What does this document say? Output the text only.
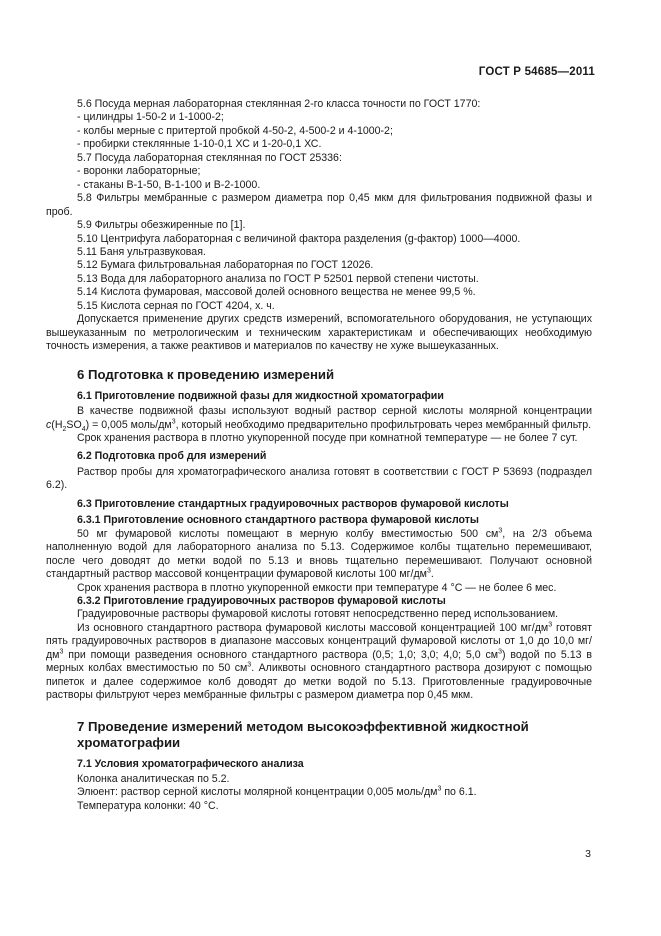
ГОСТ Р 54685—2011

5.6 Посуда мерная лабораторная стеклянная 2-го класса точности по ГОСТ 1770:

- цилиндры 1-50-2 и 1-1000-2;

- колбы мерные с притертой пробкой 4-50-2, 4-500-2 и 4-1000-2;

- пробирки стеклянные 1-10-0,1 ХС и 1-20-0,1 ХС.

5.7 Посуда лабораторная стеклянная по ГОСТ 25336:

- воронки лабораторные;

- стаканы В-1-50, В-1-100 и В-2-1000.

5.8 Фильтры мембранные с размером диаметра пор 0,45 мкм для фильтрования подвижной фазы и проб.

5.9 Фильтры обезжиренные по [1].

5.10 Центрифуга лабораторная с величиной фактора разделения (g-фактор) 1000—4000.

5.11 Баня ультразвуковая.

5.12 Бумага фильтровальная лабораторная по ГОСТ 12026.

5.13 Вода для лабораторного анализа по ГОСТ Р 52501 первой степени чистоты.

5.14 Кислота фумаровая, массовой долей основного вещества не менее 99,5 %.

5.15 Кислота серная по ГОСТ 4204, х. ч.

Допускается применение других средств измерений, вспомогательного оборудования, не уступающих вышеуказанным по метрологическим и техническим характеристикам и обеспечивающих необходимую точность измерения, а также реактивов и материалов по качеству не хуже вышеуказанных.

6 Подготовка к проведению измерений
6.1 Приготовление подвижной фазы для жидкостной хроматографии

В качестве подвижной фазы используют водный раствор серной кислоты молярной концентрации $c(H_2SO_4) = 0,005$ моль/$дм^3$, который необходимо предварительно профильтровать через мембранный фильтр.

Срок хранения раствора в плотно укупоренной посуде при комнатной температуре — не более 7 сут.

6.2 Подготовка проб для измерений

Раствор пробы для хроматографического анализа готовят в соответствии с ГОСТ Р 53693 (подраздел 6.2).

6.3 Приготовление стандартных градуировочных растворов фумаровой кислоты
6.3.1 Приготовление основного стандартного раствора фумаровой кислоты

50 мг фумаровой кислоты помещают в мерную колбу вместимостью 500 $см^3$, на 2/3 объема наполненную водой для лабораторного анализа по 5.13. Содержимое колбы тщательно перемешивают, после чего доводят до метки водой по 5.13 и вновь тщательно перемешивают. Получают основной стандартный раствор массовой концентрации фумаровой кислоты 100 $мг/дм^3$.

Срок хранения раствора в плотно укупоренной емкости при температуре 4 °С — не более 6 мес.

6.3.2 Приготовление градуировочных растворов фумаровой кислоты

Градуировочные растворы фумаровой кислоты готовят непосредственно перед использованием.

Из основного стандартного раствора фумаровой кислоты массовой концентрацией 100 $мг/дм^3$ готовят пять градуировочных растворов в диапазоне массовых концентраций фумаровой кислоты от 1,0 до 10,0 $мг/дм^3$ при помощи разведения основного стандартного раствора (0,5; 1,0; 3,0; 4,0; 5,0 $см^3$) водой по 5.13 в мерных колбах вместимостью по 50 $см^3$. Аликвоты основного стандартного раствора дозируют с помощью пипеток и далее содержимое колб доводят до метки водой по 5.13. Приготовленные градуировочные растворы фильтруют через мембранные фильтры с размером диаметра пор 0,45 мкм.

7 Проведение измерений методом высокоэффективной жидкостной хроматографии
7.1 Условия хроматографического анализа

Колонка аналитическая по 5.2.

Элюент: раствор серной кислоты молярной концентрации 0,005 моль/$дм^3$ по 6.1.

Температура колонки: 40 °С.

3
